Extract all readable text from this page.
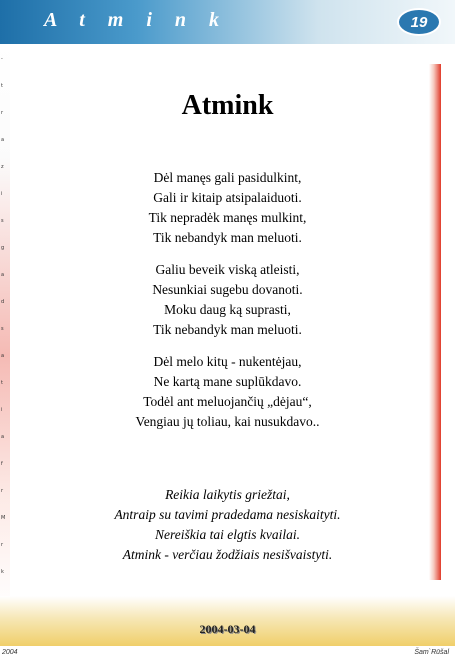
A t m i n k	19
-
t
r
a
z
i
s
g
a
d
s
a
t
i
a
f
r
M
r
k
Atmink
Dėl manęs gali pasidulkint,
Gali ir kitaip atsipalaiduoti.
Tik nepradėk manęs mulkint,
Tik nebandyk man meluoti.
Galiu beveik viską atleisti,
Nesunkiai sugebu dovanoti.
Moku daug ką suprasti,
Tik nebandyk man meluoti.
Dėl melo kitų - nukentėjau,
Ne kartą mane suplūkdavo.
Todėl ant meluojančių „dėjau“,
Vengiau jų toliau, kai nusukdavo..
Reikia laikytis griežtai,
Antraip su tavimi pradedama nesiskaityti.
Nereiškia tai elgtis kvailai.
Atmink - verčiau žodžiais nesišvaistyti.
2004-03-04
2004	Šam`Rūšal
